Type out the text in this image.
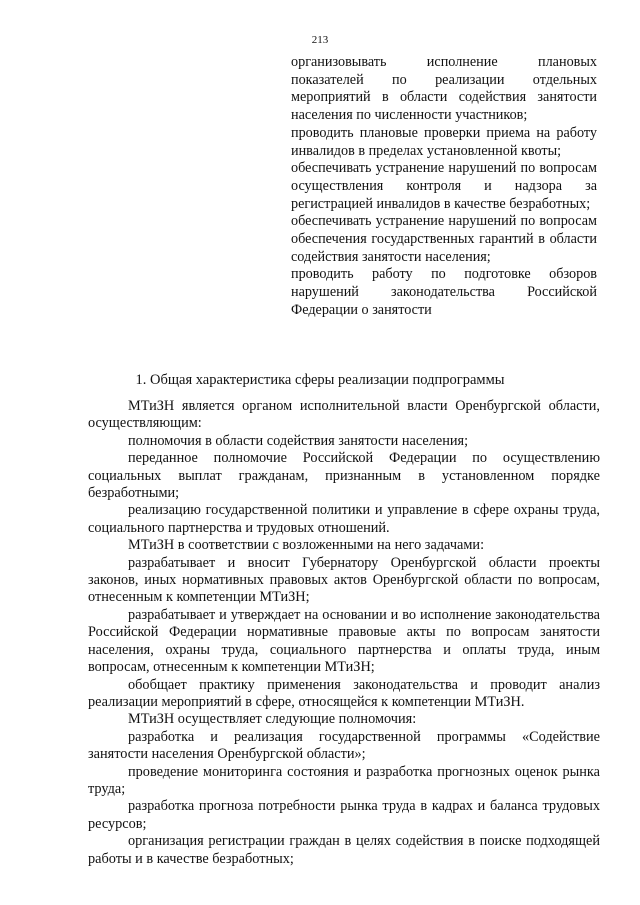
213

организовывать исполнение плановых показателей по реализации отдельных мероприятий в области содействия занятости населения по численности участников;

проводить плановые проверки приема на работу инвалидов в пределах установленной квоты;

обеспечивать устранение нарушений по вопросам осуществления контроля и надзора за регистрацией инвалидов в качестве безработных;

обеспечивать устранение нарушений по вопросам обеспечения государственных гарантий в области содействия занятости населения;

проводить работу по подготовке обзоров нарушений законодательства Российской Федерации о занятости

1. Общая характеристика сферы реализации подпрограммы

МТиЗН является органом исполнительной власти Оренбургской области, осуществляющим:

полномочия в области содействия занятости населения;

переданное полномочие Российской Федерации по осуществлению социальных выплат гражданам, признанным в установленном порядке безработными;

реализацию государственной политики и управление в сфере охраны труда, социального партнерства и трудовых отношений.

МТиЗН в соответствии с возложенными на него задачами:

разрабатывает и вносит Губернатору Оренбургской области проекты законов, иных нормативных правовых актов Оренбургской области по вопросам, отнесенным к компетенции МТиЗН;

разрабатывает и утверждает на основании и во исполнение законодательства Российской Федерации нормативные правовые акты по вопросам занятости населения, охраны труда, социального партнерства и оплаты труда, иным вопросам, отнесенным к компетенции МТиЗН;

обобщает практику применения законодательства и проводит анализ реализации мероприятий в сфере, относящейся к компетенции МТиЗН.

МТиЗН осуществляет следующие полномочия:

разработка и реализация государственной программы «Содействие занятости населения Оренбургской области»;

проведение мониторинга состояния и разработка прогнозных оценок рынка труда;

разработка прогноза потребности рынка труда в кадрах и баланса трудовых ресурсов;

организация регистрации граждан в целях содействия в поиске подходящей работы и в качестве безработных;
